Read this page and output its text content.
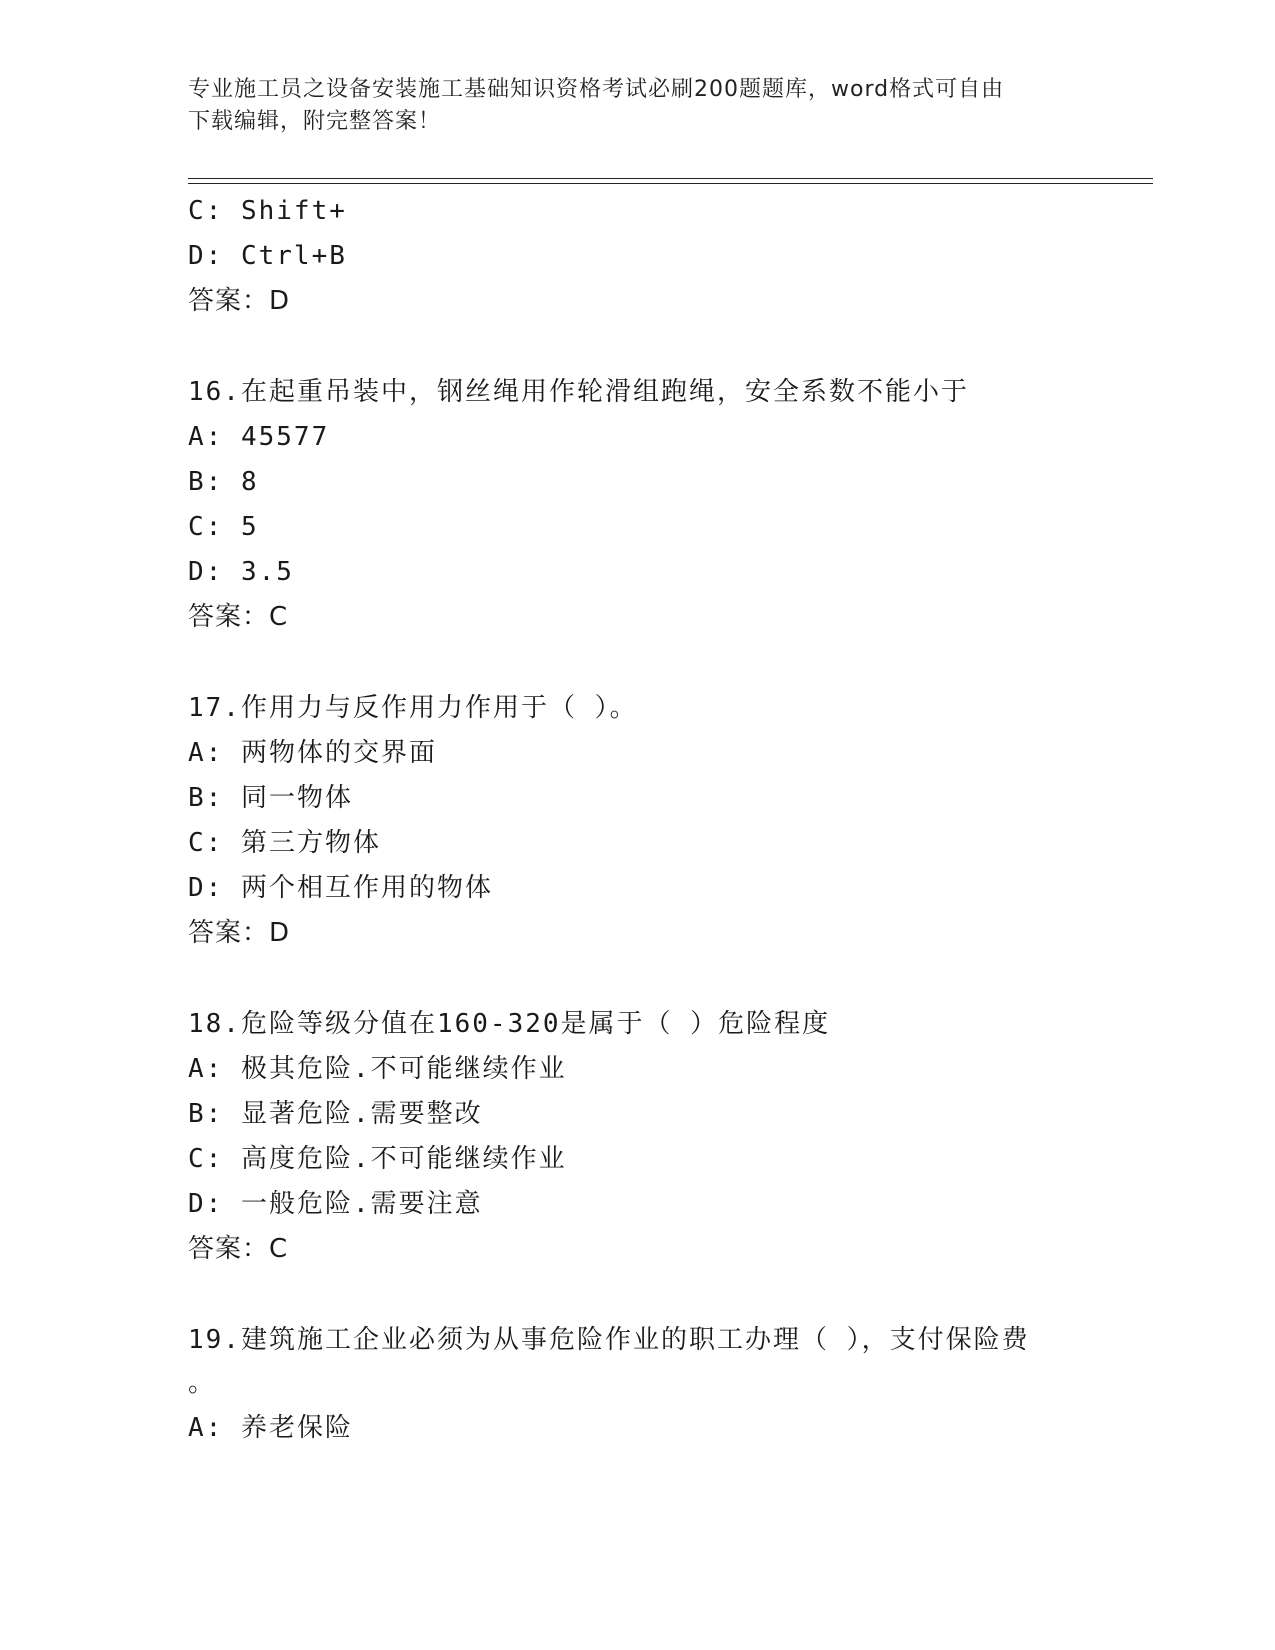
专业施工员之设备安装施工基础知识资格考试必刷200题题库，word格式可自由
下载编辑，附完整答案！
C: Shift+
D: Ctrl+B
答案：D
16.在起重吊装中，钢丝绳用作轮滑组跑绳，安全系数不能小于
A: 45577
B: 8
C: 5
D: 3.5
答案：C
17.作用力与反作用力作用于（ ）。
A: 两物体的交界面
B: 同一物体
C: 第三方物体
D: 两个相互作用的物体
答案：D
18.危险等级分值在160-320是属于（ ）危险程度
A: 极其危险.不可能继续作业
B: 显著危险.需要整改
C: 高度危险.不可能继续作业
D: 一般危险.需要注意
答案：C
19.建筑施工企业必须为从事危险作业的职工办理（ ），支付保险费
。
A: 养老保险
